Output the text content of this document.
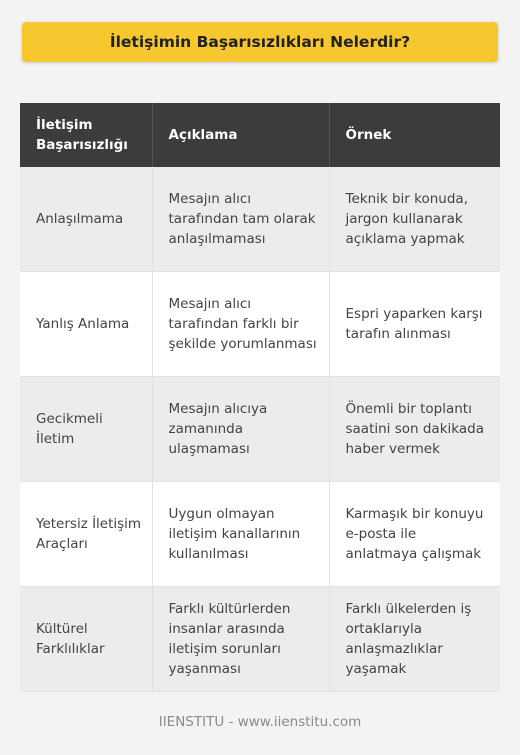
İletişimin Başarısızlıkları Nelerdir?
İletişim Başarısızlığı	Açıklama	Örnek
Anlaşılmama	Mesajın alıcı tarafından tam olarak anlaşılmaması	Teknik bir konuda, jargon kullanarak açıklama yapmak
Yanlış Anlama	Mesajın alıcı tarafından farklı bir şekilde yorumlanması	Espri yaparken karşı tarafın alınması
Gecikmeli İletim	Mesajın alıcıya zamanında ulaşmaması	Önemli bir toplantı saatini son dakikada haber vermek
Yetersiz İletişim Araçları	Uygun olmayan iletişim kanallarının kullanılması	Karmaşık bir konuyu e-posta ile anlatmaya çalışmak
Kültürel Farklılıklar	Farklı kültürlerden insanlar arasında iletişim sorunları yaşanması	Farklı ülkelerden iş ortaklarıyla anlaşmazlıklar yaşamak
IIENSTITU - www.iienstitu.com
